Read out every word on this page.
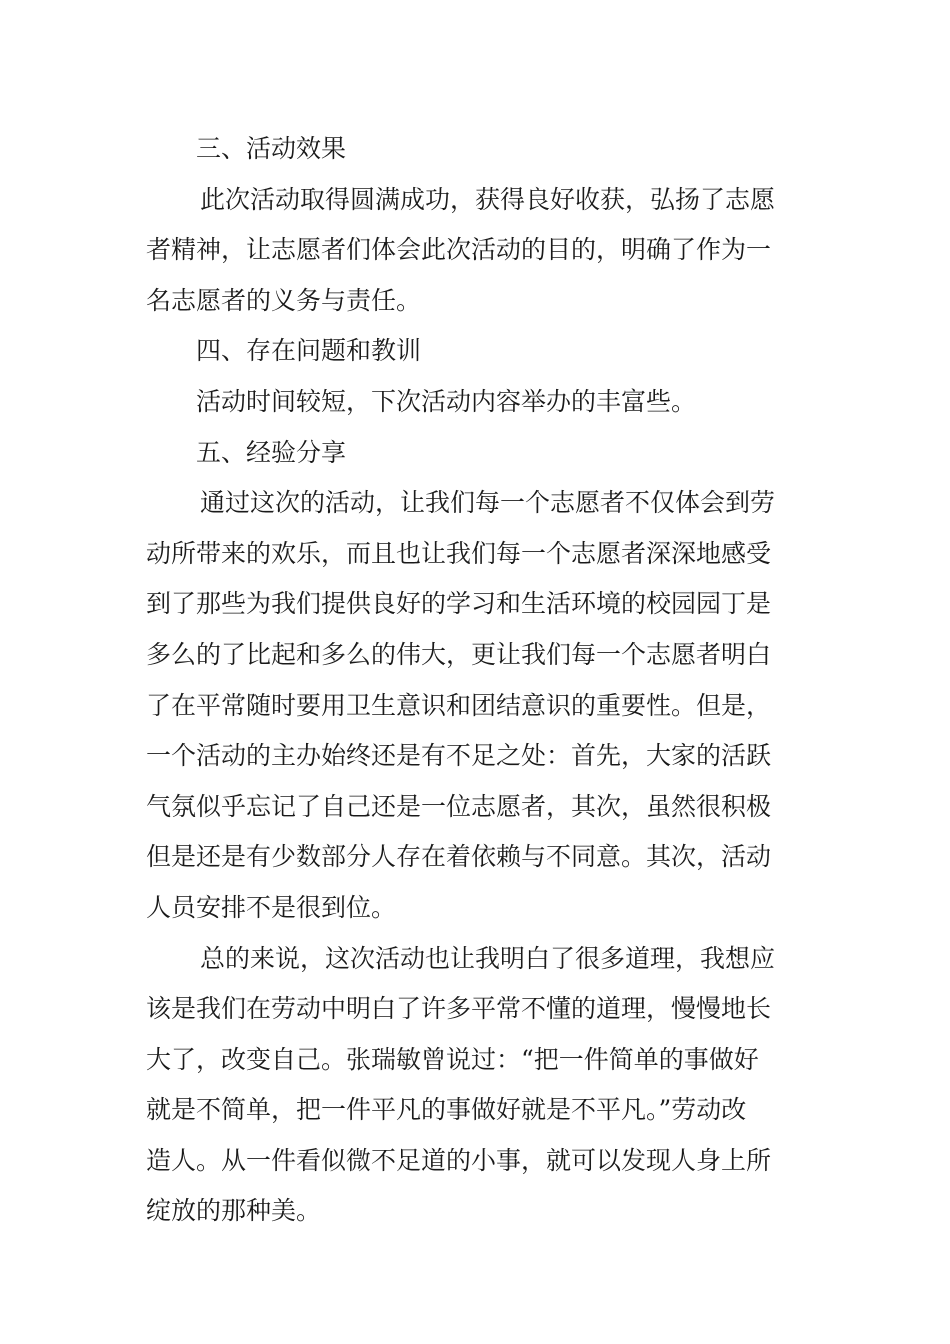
三、活动效果
此次活动取得圆满成功，获得良好收获，弘扬了志愿
者精神，让志愿者们体会此次活动的目的，明确了作为一
名志愿者的义务与责任。
四、存在问题和教训
活动时间较短，下次活动内容举办的丰富些。
五、经验分享
通过这次的活动，让我们每一个志愿者不仅体会到劳
动所带来的欢乐，而且也让我们每一个志愿者深深地感受
到了那些为我们提供良好的学习和生活环境的校园园丁是
多么的了比起和多么的伟大，更让我们每一个志愿者明白
了在平常随时要用卫生意识和团结意识的重要性。但是，
一个活动的主办始终还是有不足之处：首先，大家的活跃
气氛似乎忘记了自己还是一位志愿者，其次，虽然很积极
但是还是有少数部分人存在着依赖与不同意。其次，活动
人员安排不是很到位。
总的来说，这次活动也让我明白了很多道理，我想应
该是我们在劳动中明白了许多平常不懂的道理，慢慢地长
大了，改变自己。张瑞敏曾说过：“把一件简单的事做好
就是不简单，把一件平凡的事做好就是不平凡。”劳动改
造人。从一件看似微不足道的小事，就可以发现人身上所
绽放的那种美。
